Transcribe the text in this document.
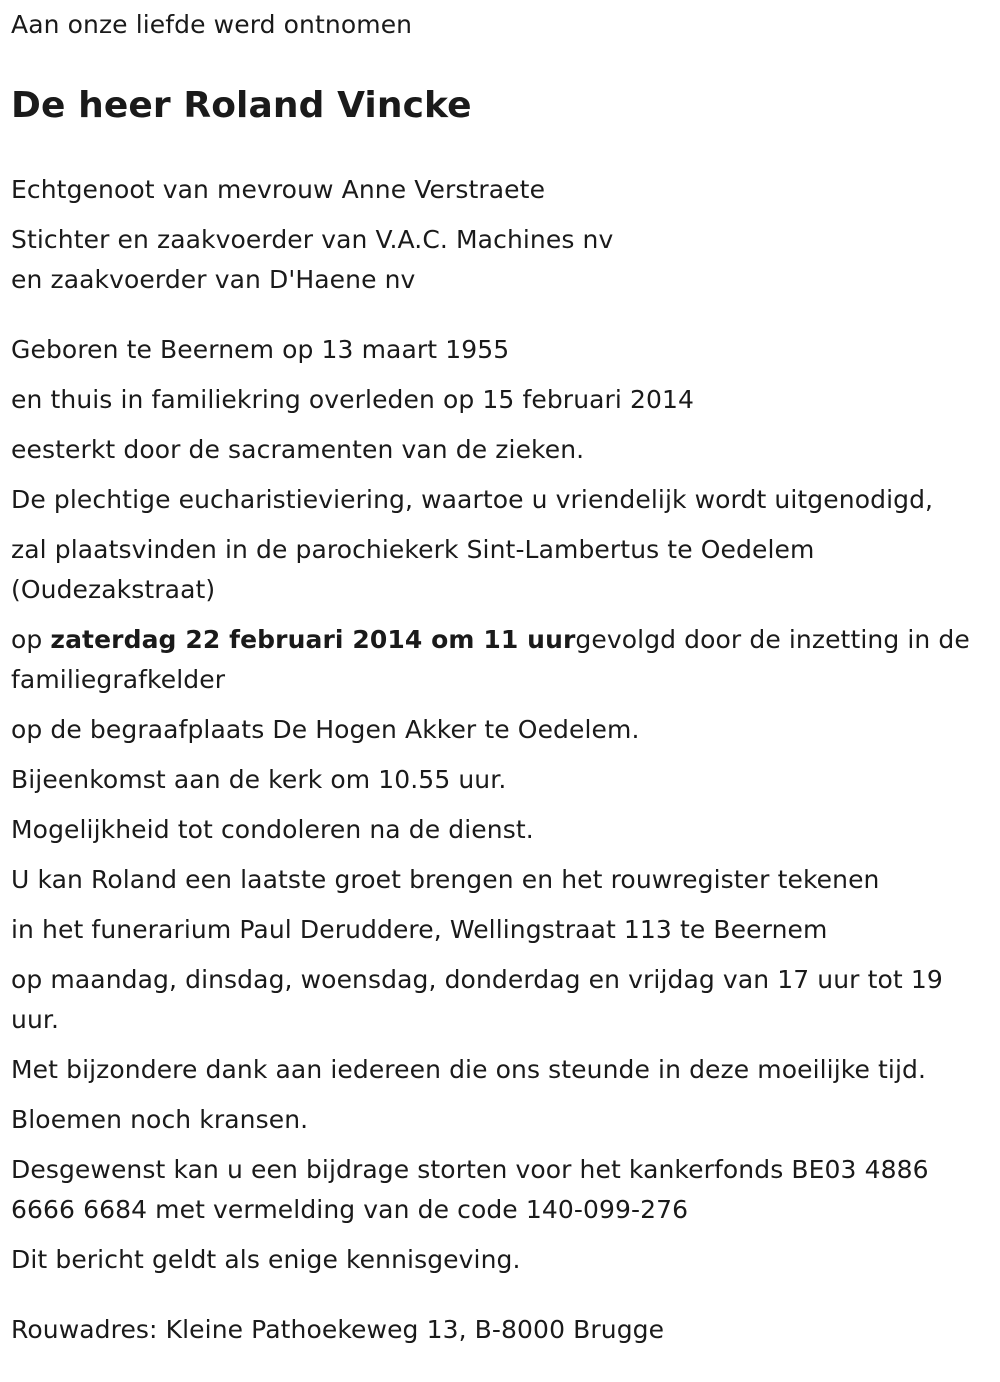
Aan onze liefde werd ontnomen

De heer Roland Vincke

Echtgenoot van mevrouw Anne Verstraete

Stichter en zaakvoerder van V.A.C. Machines nv

en zaakvoerder van D'Haene nv

Geboren te Beernem op 13 maart 1955

en thuis in familiekring overleden op 15 februari 2014

eesterkt door de sacramenten van de zieken.

De plechtige eucharistieviering, waartoe u vriendelijk wordt uitgenodigd,

zal plaatsvinden in de parochiekerk Sint-Lambertus te Oedelem (Oudezakstraat)

op zaterdag 22 februari 2014 om 11 uurgevolgd door de inzetting in de familiegrafkelder

op de begraafplaats De Hogen Akker te Oedelem.

Bijeenkomst aan de kerk om 10.55 uur.

Mogelijkheid tot condoleren na de dienst.

U kan Roland een laatste groet brengen en het rouwregister tekenen

in het funerarium Paul Deruddere, Wellingstraat 113 te Beernem

op maandag, dinsdag, woensdag, donderdag en vrijdag van 17 uur tot 19 uur.

Met bijzondere dank aan iedereen die ons steunde in deze moeilijke tijd.

Bloemen noch kransen.

Desgewenst kan u een bijdrage storten voor het kankerfonds BE03 4886 6666 6684 met vermelding van de code 140-099-276

Dit bericht geldt als enige kennisgeving.

Rouwadres: Kleine Pathoekeweg 13, B-8000 Brugge
